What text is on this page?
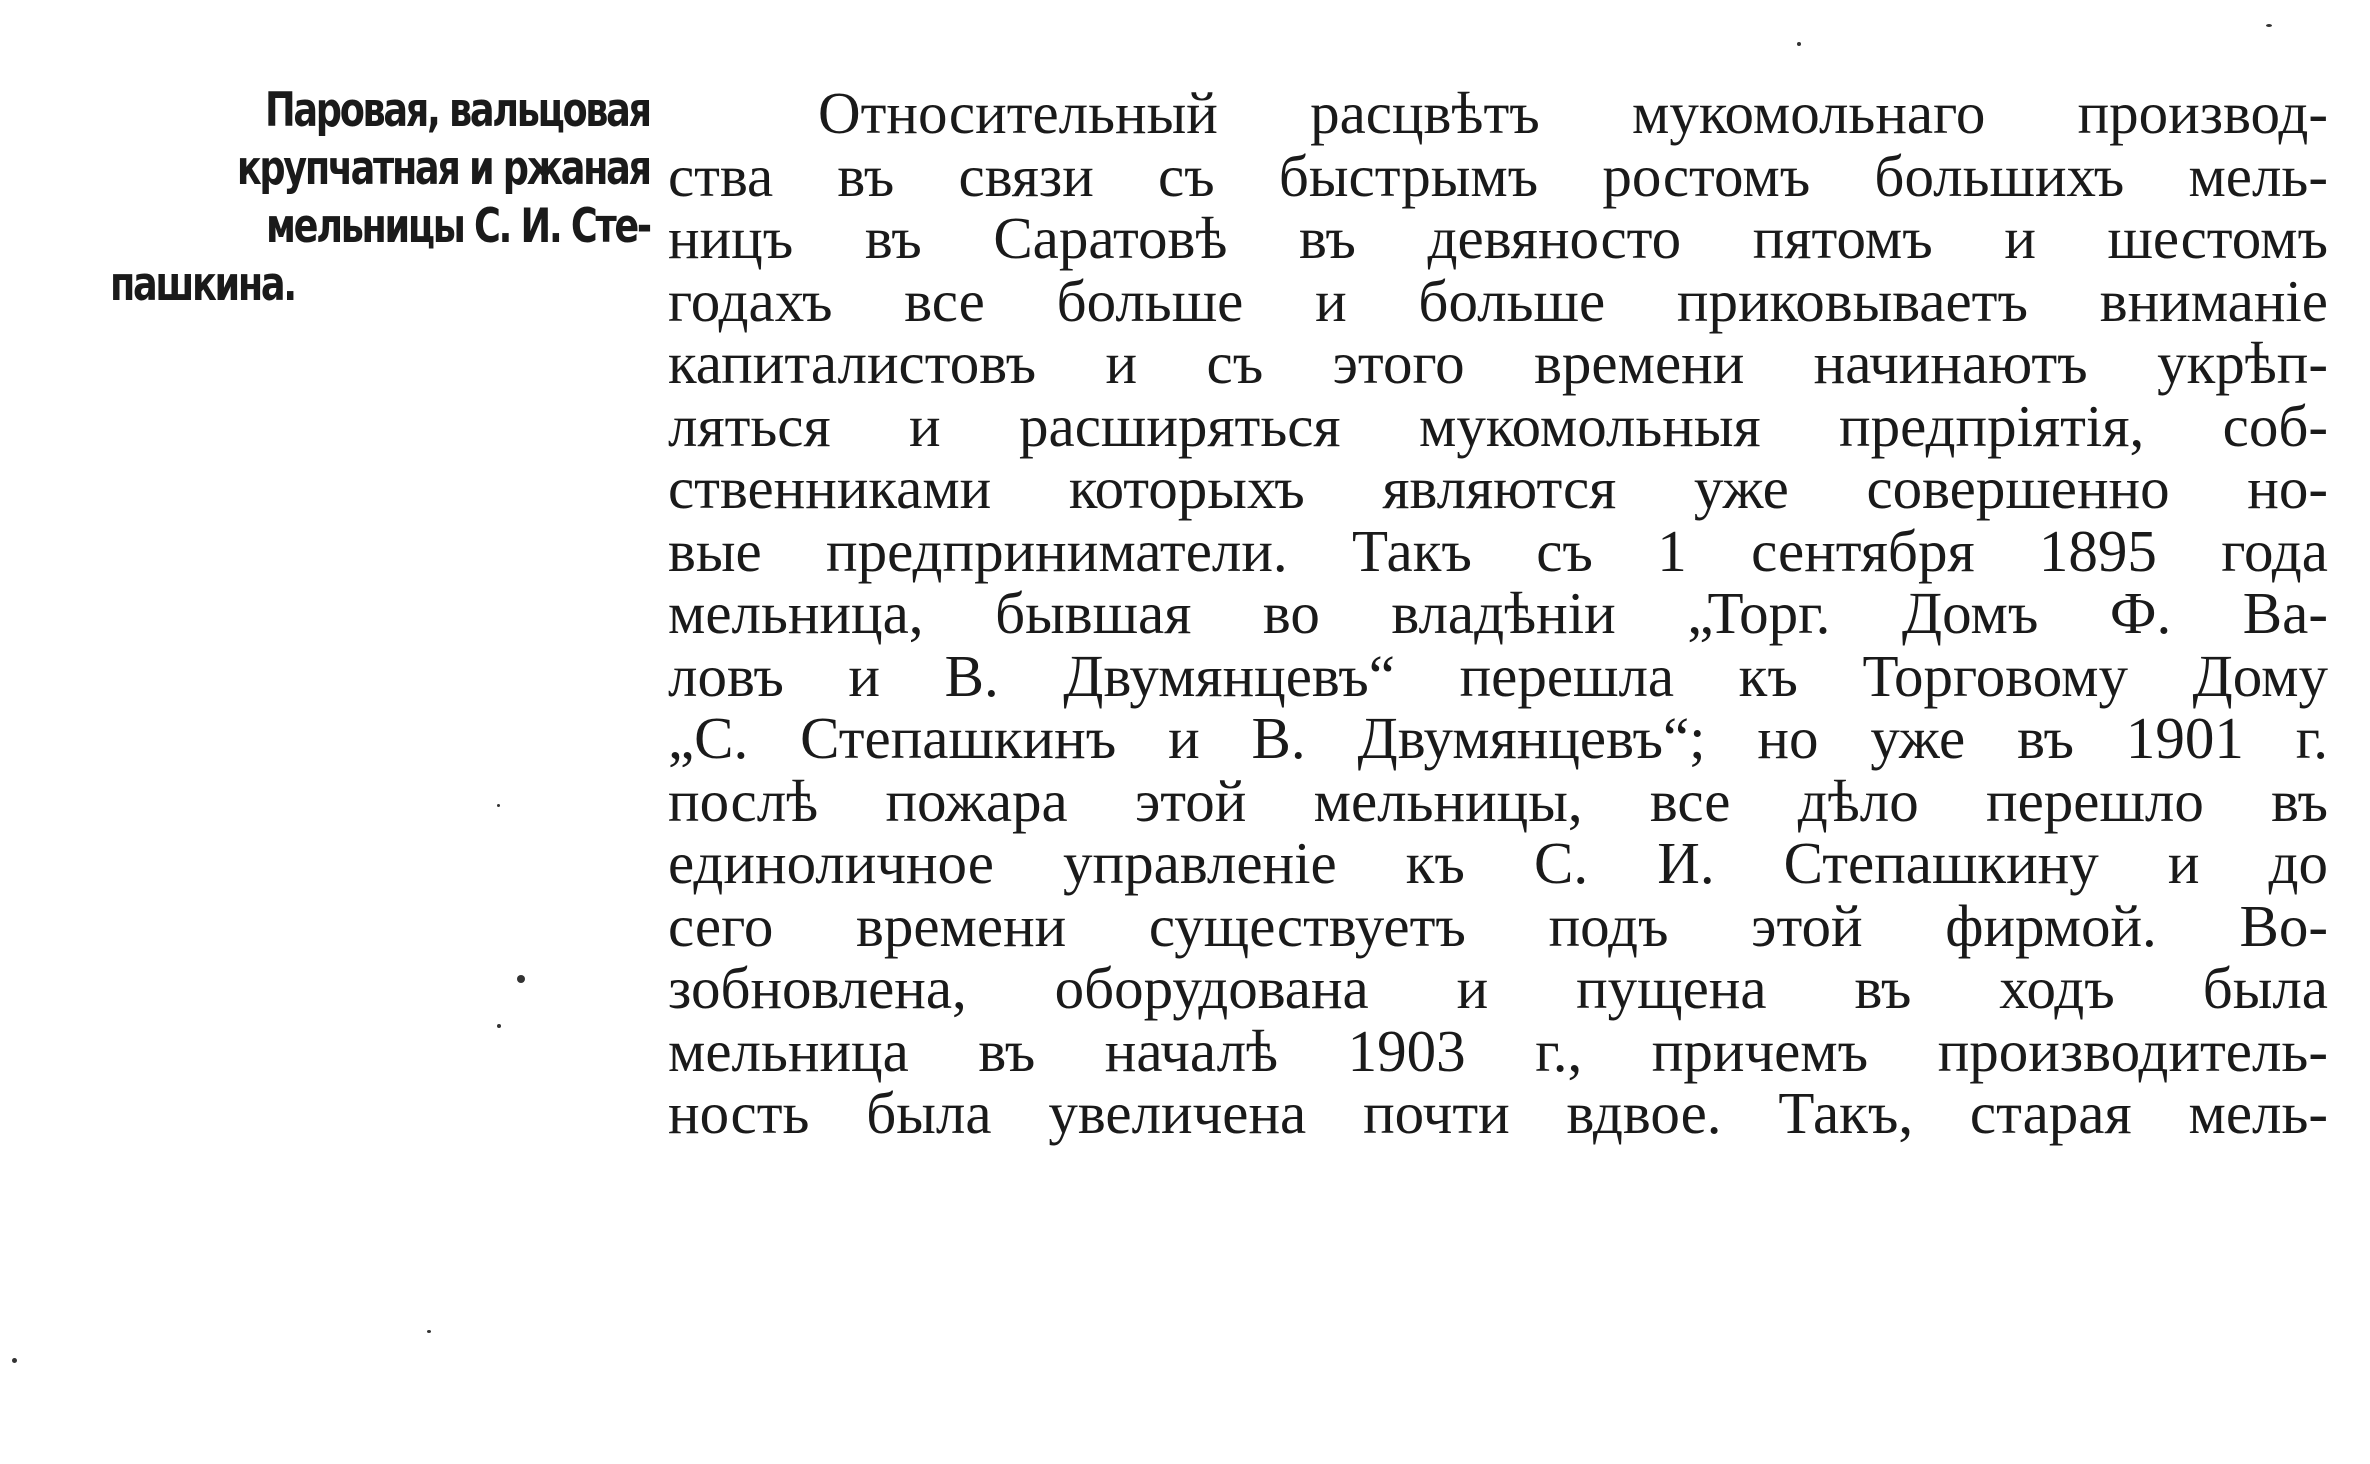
Паровая, вальцовая
крупчатная и ржаная
мельницы С. И. Сте-
пашкина.
Относительный расцвѣтъ мукомольнаго производ-
ства въ связи съ быстрымъ ростомъ большихъ мель-
ницъ въ Саратовѣ въ девяносто пятомъ и шестомъ
годахъ все больше и больше приковываетъ вниманіе
капиталистовъ и съ этого времени начинаютъ укрѣп-
ляться и расширяться мукомольныя предпріятія, соб-
ственниками которыхъ являются уже совершенно но-
вые предприниматели. Такъ съ 1 сентября 1895 года
мельница, бывшая во владѣніи „Торг. Домъ Ф. Ва-
ловъ и В. Двумянцевъ“ перешла къ Торговому Дому
„С. Степашкинъ и В. Двумянцевъ“; но уже въ 1901 г.
послѣ пожара этой мельницы, все дѣло перешло въ
единоличное управленіе къ С. И. Степашкину и до
сего времени существуетъ подъ этой фирмой. Во-
зобновлена, оборудована и пущена въ ходъ была
мельница въ началѣ 1903 г., причемъ производитель-
ность была увеличена почти вдвое. Такъ, старая мель-
